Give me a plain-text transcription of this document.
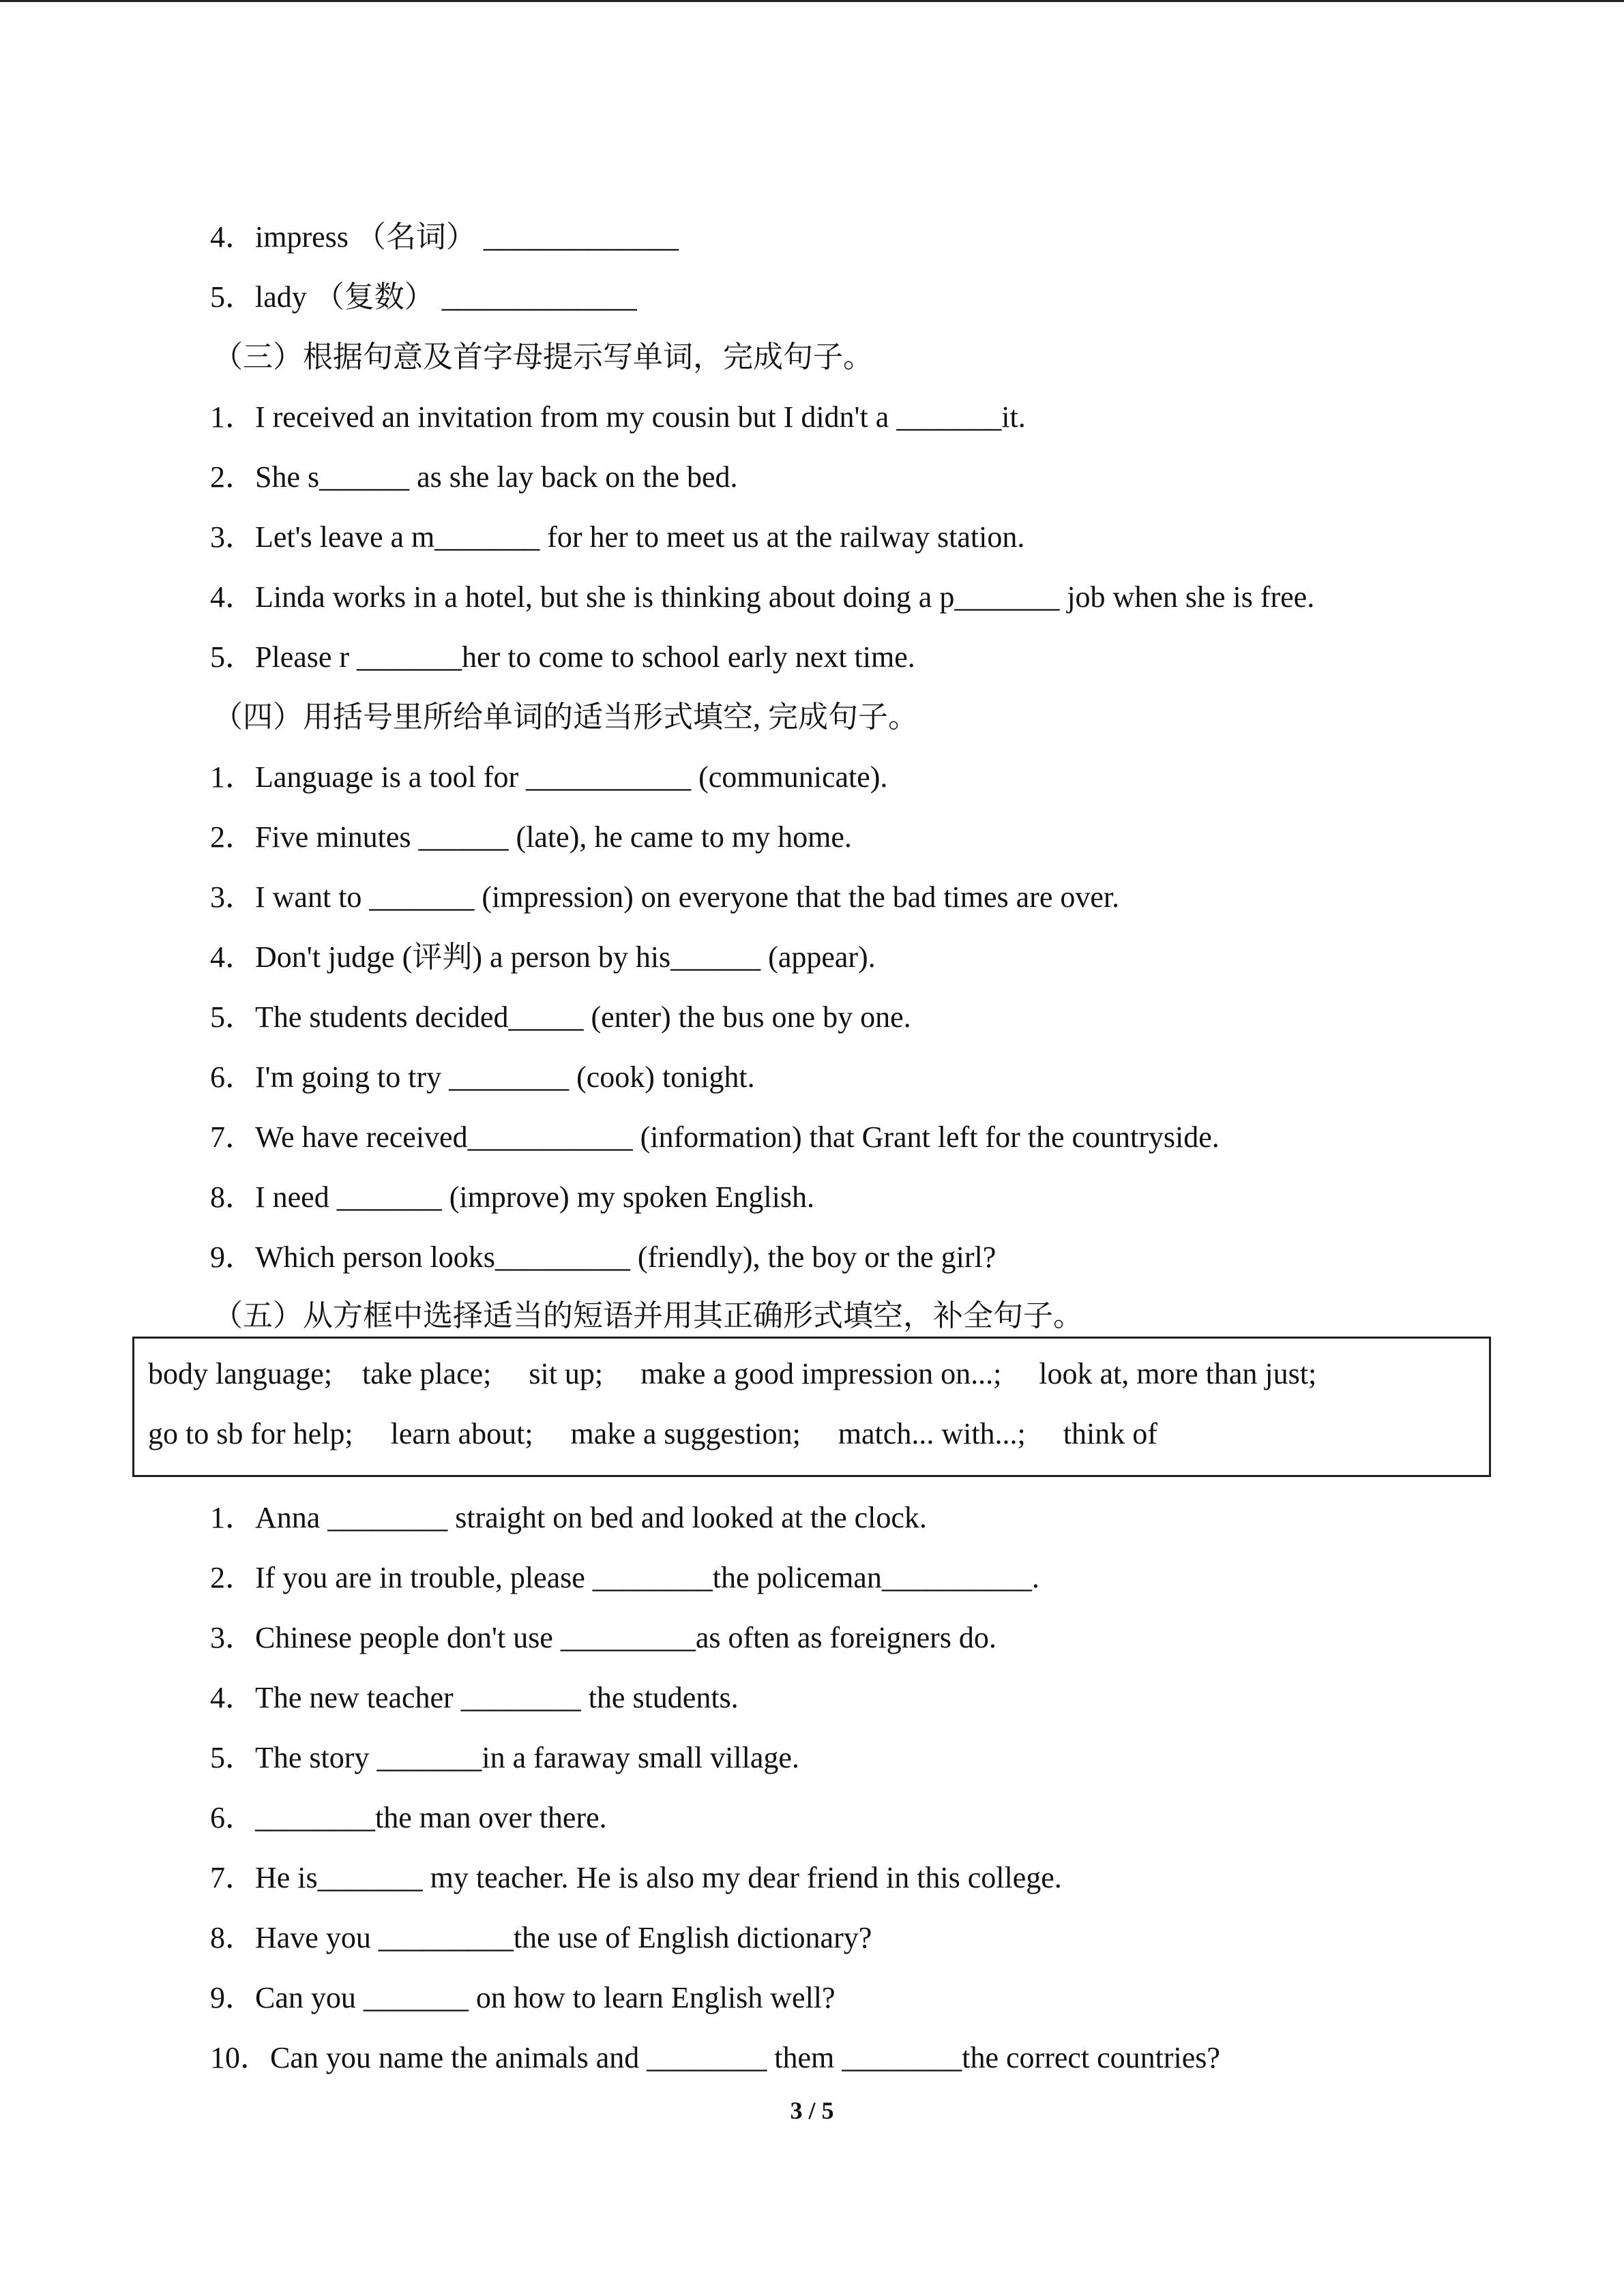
4．impress （名词） _____________
5．lady （复数） _____________
（三）根据句意及首字母提示写单词，完成句子。
1．I received an invitation from my cousin but I didn't a _______it.
2．She s______ as she lay back on the bed.
3．Let's leave a m_______ for her to meet us at the railway station.
4．Linda works in a hotel, but she is thinking about doing a p_______ job when she is free.
5．Please r _______her to come to school early next time.
（四）用括号里所给单词的适当形式填空, 完成句子。
1．Language is a tool for ___________ (communicate).
2．Five minutes ______ (late), he came to my home.
3．I want to _______ (impression) on everyone that the bad times are over.
4．Don't judge (评判) a person by his______ (appear).
5．The students decided_____ (enter) the bus one by one.
6．I'm going to try ________ (cook) tonight.
7．We have received___________ (information) that Grant left for the countryside.
8．I need _______ (improve) my spoken English.
9．Which person looks_________ (friendly), the boy or the girl?
（五）从方框中选择适当的短语并用其正确形式填空，补全句子。
body language;    take place;     sit up;     make a good impression on...;     look at, more than just;
go to sb for help;     learn about;     make a suggestion;     match... with...;     think of
1．Anna ________ straight on bed and looked at the clock.
2．If you are in trouble, please ________the policeman__________.
3．Chinese people don't use _________as often as foreigners do.
4．The new teacher ________ the students.
5．The story _______in a faraway small village.
6．________the man over there.
7．He is_______ my teacher. He is also my dear friend in this college.
8．Have you _________the use of English dictionary?
9．Can you _______ on how to learn English well?
10．Can you name the animals and ________ them ________the correct countries?
3 / 5
